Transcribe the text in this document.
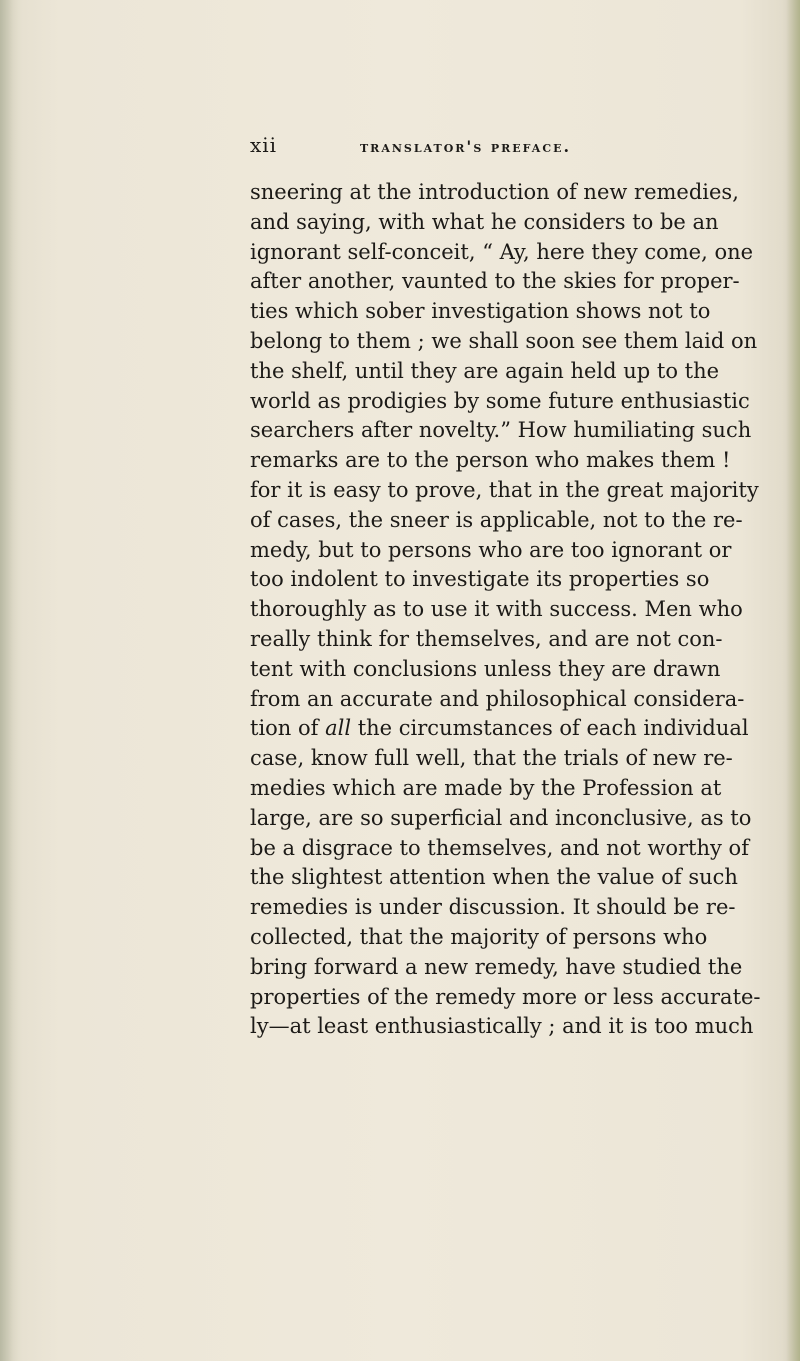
xii	translator's preface.
sneering at the introduction of new remedies,
and saying, with what he considers to be an
ignorant self-conceit, “ Ay, here they come, one
after another, vaunted to the skies for proper-
ties which sober investigation shows not to
belong to them ; we shall soon see them laid on
the shelf, until they are again held up to the
world as prodigies by some future enthusiastic
searchers after novelty.” How humiliating such
remarks are to the person who makes them !
for it is easy to prove, that in the great majority
of cases, the sneer is applicable, not to the re-
medy, but to persons who are too ignorant or
too indolent to investigate its properties so
thoroughly as to use it with success. Men who
really think for themselves, and are not con-
tent with conclusions unless they are drawn
from an accurate and philosophical considera-
tion of all the circumstances of each individual
case, know full well, that the trials of new re-
medies which are made by the Profession at
large, are so superficial and inconclusive, as to
be a disgrace to themselves, and not worthy of
the slightest attention when the value of such
remedies is under discussion. It should be re-
collected, that the majority of persons who
bring forward a new remedy, have studied the
properties of the remedy more or less accurate-
ly—at least enthusiastically ; and it is too much
